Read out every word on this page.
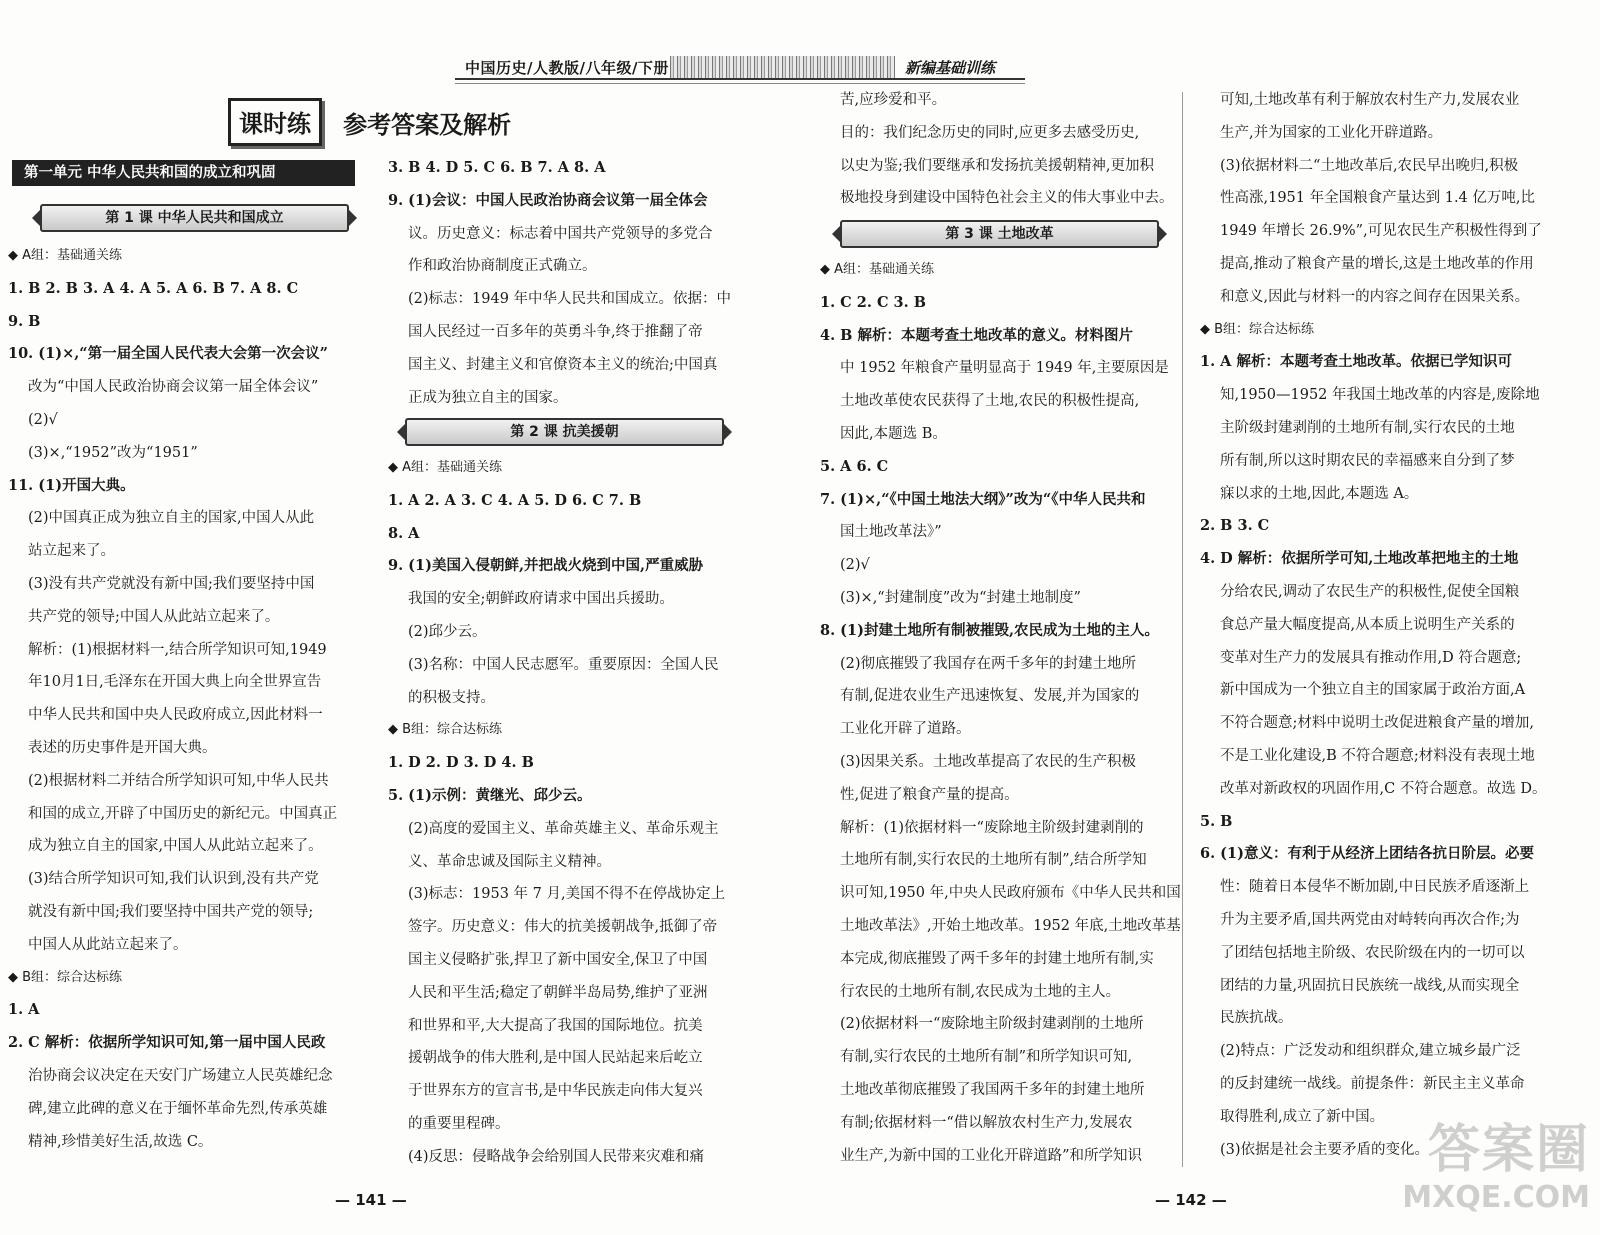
中国历史/人教版/八年级/下册	新编基础训练
课时练 参考答案及解析
第一单元 中华人民共和国的成立和巩固
第 1 课 中华人民共和国成立
◆ A组：基础通关练
1. B 2. B 3. A 4. A 5. A 6. B 7. A 8. C
9. B
10. (1)×,“第一届全国人民代表大会第一次会议”
改为“中国人民政治协商会议第一届全体会议”
(2)√
(3)×,“1952”改为“1951”
11. (1)开国大典。
(2)中国真正成为独立自主的国家,中国人从此
站立起来了。
(3)没有共产党就没有新中国;我们要坚持中国
共产党的领导;中国人从此站立起来了。
解析：(1)根据材料一,结合所学知识可知,1949
年10月1日,毛泽东在开国大典上向全世界宣告
中华人民共和国中央人民政府成立,因此材料一
表述的历史事件是开国大典。
(2)根据材料二并结合所学知识可知,中华人民共
和国的成立,开辟了中国历史的新纪元。中国真正
成为独立自主的国家,中国人从此站立起来了。
(3)结合所学知识可知,我们认识到,没有共产党
就没有新中国;我们要坚持中国共产党的领导;
中国人从此站立起来了。
◆ B组：综合达标练
1. A
2. C 解析：依据所学知识可知,第一届中国人民政
治协商会议决定在天安门广场建立人民英雄纪念
碑,建立此碑的意义在于缅怀革命先烈,传承英雄
精神,珍惜美好生活,故选 C。
3. B 4. D 5. C 6. B 7. A 8. A
9. (1)会议：中国人民政治协商会议第一届全体会
议。历史意义：标志着中国共产党领导的多党合
作和政治协商制度正式确立。
(2)标志：1949 年中华人民共和国成立。依据：中
国人民经过一百多年的英勇斗争,终于推翻了帝
国主义、封建主义和官僚资本主义的统治;中国真
正成为独立自主的国家。
第 2 课 抗美援朝
◆ A组：基础通关练
1. A 2. A 3. C 4. A 5. D 6. C 7. B
8. A
9. (1)美国入侵朝鲜,并把战火烧到中国,严重威胁
我国的安全;朝鲜政府请求中国出兵援助。
(2)邱少云。
(3)名称：中国人民志愿军。重要原因：全国人民
的积极支持。
◆ B组：综合达标练
1. D 2. D 3. D 4. B
5. (1)示例：黄继光、邱少云。
(2)高度的爱国主义、革命英雄主义、革命乐观主
义、革命忠诚及国际主义精神。
(3)标志：1953 年 7 月,美国不得不在停战协定上
签字。历史意义：伟大的抗美援朝战争,抵御了帝
国主义侵略扩张,捍卫了新中国安全,保卫了中国
人民和平生活;稳定了朝鲜半岛局势,维护了亚洲
和世界和平,大大提高了我国的国际地位。抗美
援朝战争的伟大胜利,是中国人民站起来后屹立
于世界东方的宣言书,是中华民族走向伟大复兴
的重要里程碑。
(4)反思：侵略战争会给别国人民带来灾难和痛
苦,应珍爱和平。
目的：我们纪念历史的同时,应更多去感受历史,
以史为鉴;我们要继承和发扬抗美援朝精神,更加积
极地投身到建设中国特色社会主义的伟大事业中去。
第 3 课 土地改革
◆ A组：基础通关练
1. C 2. C 3. B
4. B 解析：本题考查土地改革的意义。材料图片
中 1952 年粮食产量明显高于 1949 年,主要原因是
土地改革使农民获得了土地,农民的积极性提高,
因此,本题选 B。
5. A 6. C
7. (1)×,“《中国土地法大纲》”改为“《中华人民共和
国土地改革法》”
(2)√
(3)×,“封建制度”改为“封建土地制度”
8. (1)封建土地所有制被摧毁,农民成为土地的主人。
(2)彻底摧毁了我国存在两千多年的封建土地所
有制,促进农业生产迅速恢复、发展,并为国家的
工业化开辟了道路。
(3)因果关系。土地改革提高了农民的生产积极
性,促进了粮食产量的提高。
解析：(1)依据材料一“废除地主阶级封建剥削的
土地所有制,实行农民的土地所有制”,结合所学知
识可知,1950 年,中央人民政府颁布《中华人民共和国
土地改革法》,开始土地改革。1952 年底,土地改革基
本完成,彻底摧毁了两千多年的封建土地所有制,实
行农民的土地所有制,农民成为土地的主人。
(2)依据材料一“废除地主阶级封建剥削的土地所
有制,实行农民的土地所有制”和所学知识可知,
土地改革彻底摧毁了我国两千多年的封建土地所
有制;依据材料一“借以解放农村生产力,发展农
业生产,为新中国的工业化开辟道路”和所学知识
可知,土地改革有利于解放农村生产力,发展农业
生产,并为国家的工业化开辟道路。
(3)依据材料二“土地改革后,农民早出晚归,积极
性高涨,1951 年全国粮食产量达到 1.4 亿万吨,比
1949 年增长 26.9%”,可见农民生产积极性得到了
提高,推动了粮食产量的增长,这是土地改革的作用
和意义,因此与材料一的内容之间存在因果关系。
◆ B组：综合达标练
1. A 解析：本题考查土地改革。依据已学知识可
知,1950—1952 年我国土地改革的内容是,废除地
主阶级封建剥削的土地所有制,实行农民的土地
所有制,所以这时期农民的幸福感来自分到了梦
寐以求的土地,因此,本题选 A。
2. B 3. C
4. D 解析：依据所学可知,土地改革把地主的土地
分给农民,调动了农民生产的积极性,促使全国粮
食总产量大幅度提高,从本质上说明生产关系的
变革对生产力的发展具有推动作用,D 符合题意;
新中国成为一个独立自主的国家属于政治方面,A
不符合题意;材料中说明土改促进粮食产量的增加,
不是工业化建设,B 不符合题意;材料没有表现土地
改革对新政权的巩固作用,C 不符合题意。故选 D。
5. B
6. (1)意义：有利于从经济上团结各抗日阶层。必要
性：随着日本侵华不断加剧,中日民族矛盾逐渐上
升为主要矛盾,国共两党由对峙转向再次合作;为
了团结包括地主阶级、农民阶级在内的一切可以
团结的力量,巩固抗日民族统一战线,从而实现全
民族抗战。
(2)特点：广泛发动和组织群众,建立城乡最广泛
的反封建统一战线。前提条件：新民主主义革命
取得胜利,成立了新中国。
(3)依据是社会主要矛盾的变化。
— 141 —	— 142 —
答案圈
MXQE.COM
